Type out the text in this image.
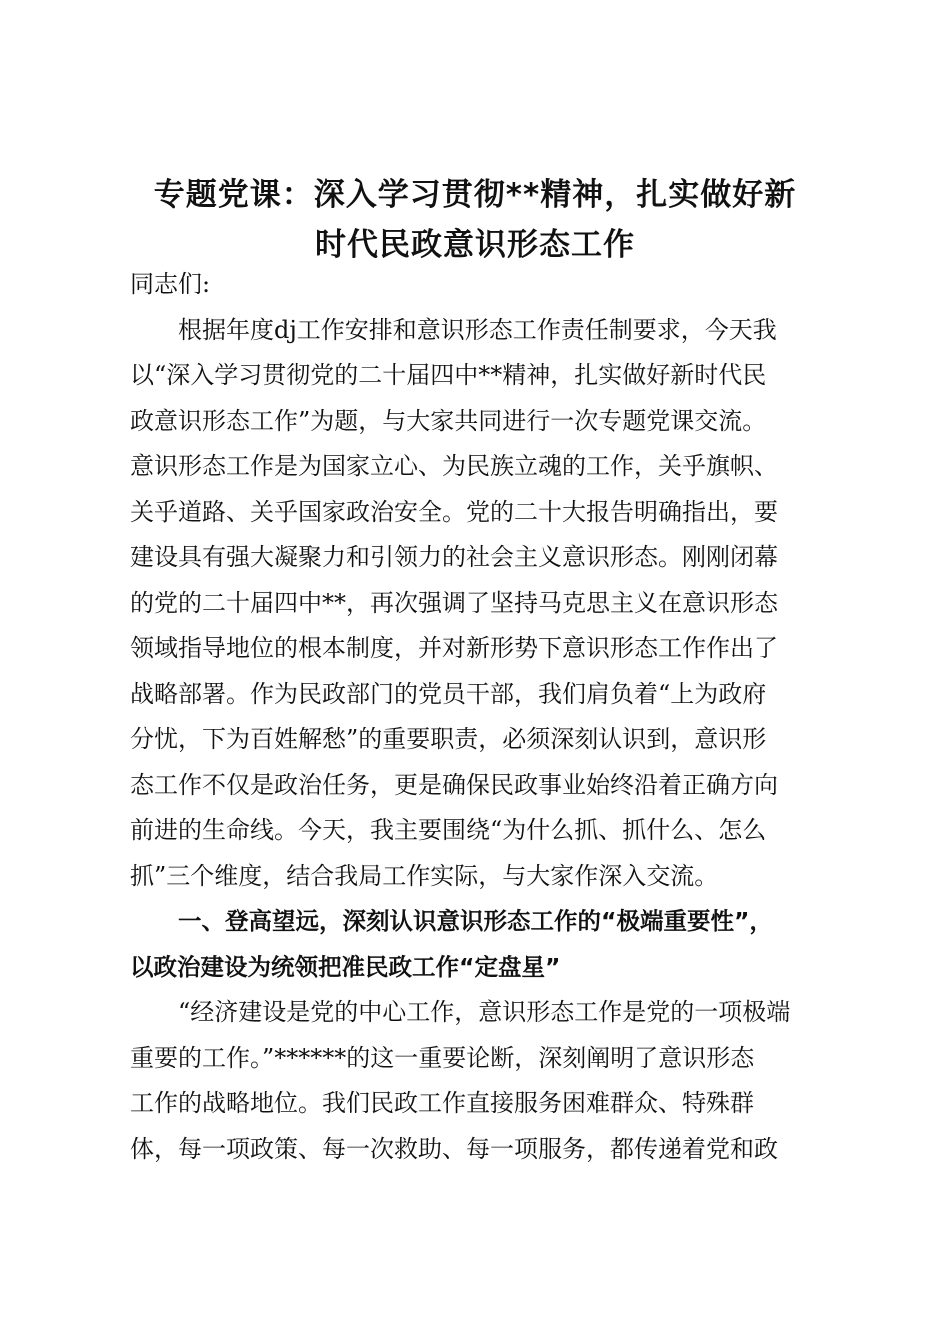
专题党课：深入学习贯彻**精神，扎实做好新
时代民政意识形态工作
同志们:
根据年度dj工作安排和意识形态工作责任制要求，今天我
以“深入学习贯彻党的二十届四中**精神，扎实做好新时代民
政意识形态工作”为题，与大家共同进行一次专题党课交流。
意识形态工作是为国家立心、为民族立魂的工作，关乎旗帜、
关乎道路、关乎国家政治安全。党的二十大报告明确指出，要
建设具有强大凝聚力和引领力的社会主义意识形态。刚刚闭幕
的党的二十届四中**，再次强调了坚持马克思主义在意识形态
领域指导地位的根本制度，并对新形势下意识形态工作作出了
战略部署。作为民政部门的党员干部，我们肩负着“上为政府
分忧，下为百姓解愁”的重要职责，必须深刻认识到，意识形
态工作不仅是政治任务，更是确保民政事业始终沿着正确方向
前进的生命线。今天，我主要围绕“为什么抓、抓什么、怎么
抓”三个维度，结合我局工作实际，与大家作深入交流。
一、登高望远，深刻认识意识形态工作的“极端重要性”，
以政治建设为统领把准民政工作“定盘星”
“经济建设是党的中心工作，意识形态工作是党的一项极端
重要的工作。”******的这一重要论断，深刻阐明了意识形态
工作的战略地位。我们民政工作直接服务困难群众、特殊群
体，每一项政策、每一次救助、每一项服务，都传递着党和政
